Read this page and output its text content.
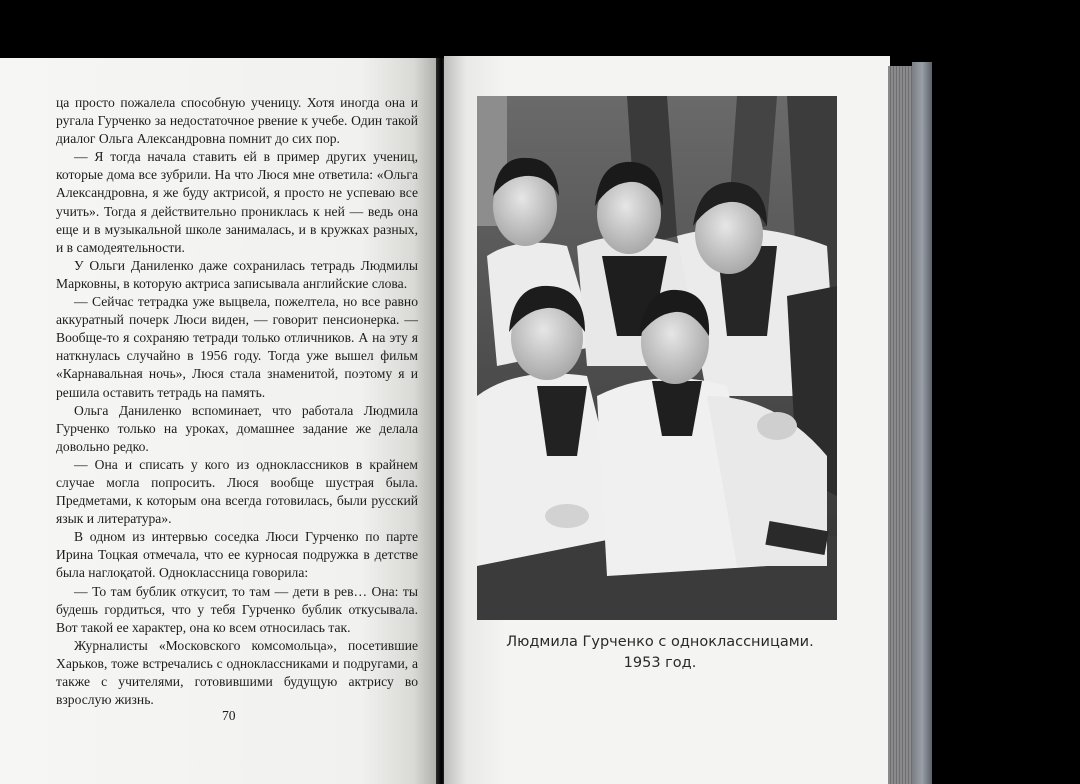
ца просто пожалела способную ученицу. Хотя иногда она и ругала Гурченко за недостаточное рвение к учебе. Один такой диалог Ольга Александровна помнит до сих пор.

— Я тогда начала ставить ей в пример других учениц, которые дома все зубрили. На что Люся мне ответила: «Ольга Александровна, я же буду актрисой, я просто не успеваю все учить». Тогда я действительно прониклась к ней — ведь она еще и в музыкальной школе занималась, и в кружках разных, и в самодеятельности.

У Ольги Даниленко даже сохранилась тетрадь Людмилы Марковны, в которую актриса записывала английские слова.

— Сейчас тетрадка уже выцвела, пожелтела, но все равно аккуратный почерк Люси виден, — говорит пенсионерка. — Вообще-то я сохраняю тетради только отличников. А на эту я наткнулась случайно в 1956 году. Тогда уже вышел фильм «Карнавальная ночь», Люся стала знаменитой, поэтому я и решила оставить тетрадь на память.

Ольга Даниленко вспоминает, что работала Людмила Гурченко только на уроках, домашнее задание же делала довольно редко.

— Она и списать у кого из одноклассников в крайнем случае могла попросить. Люся вообще шустрая была. Предметами, к которым она всегда готовилась, были русский язык и литература».

В одном из интервью соседка Люси Гурченко по парте Ирина Тоцкая отмечала, что ее курносая подружка в детстве была наглоқатой. Одноклассница говорила:

— То там бублик откусит, то там — дети в рев… Она: ты будешь гордиться, что у тебя Гурченко бублик откусывала. Вот такой ее характер, она ко всем относилась так.

Журналисты «Московского комсомольца», посетившие Харьков, тоже встречались с одноклассниками и подругами, а также с учителями, готовившими будущую актрису во взрослую жизнь.

70
Людмила Гурченко с одноклассницами.
1953 год.
